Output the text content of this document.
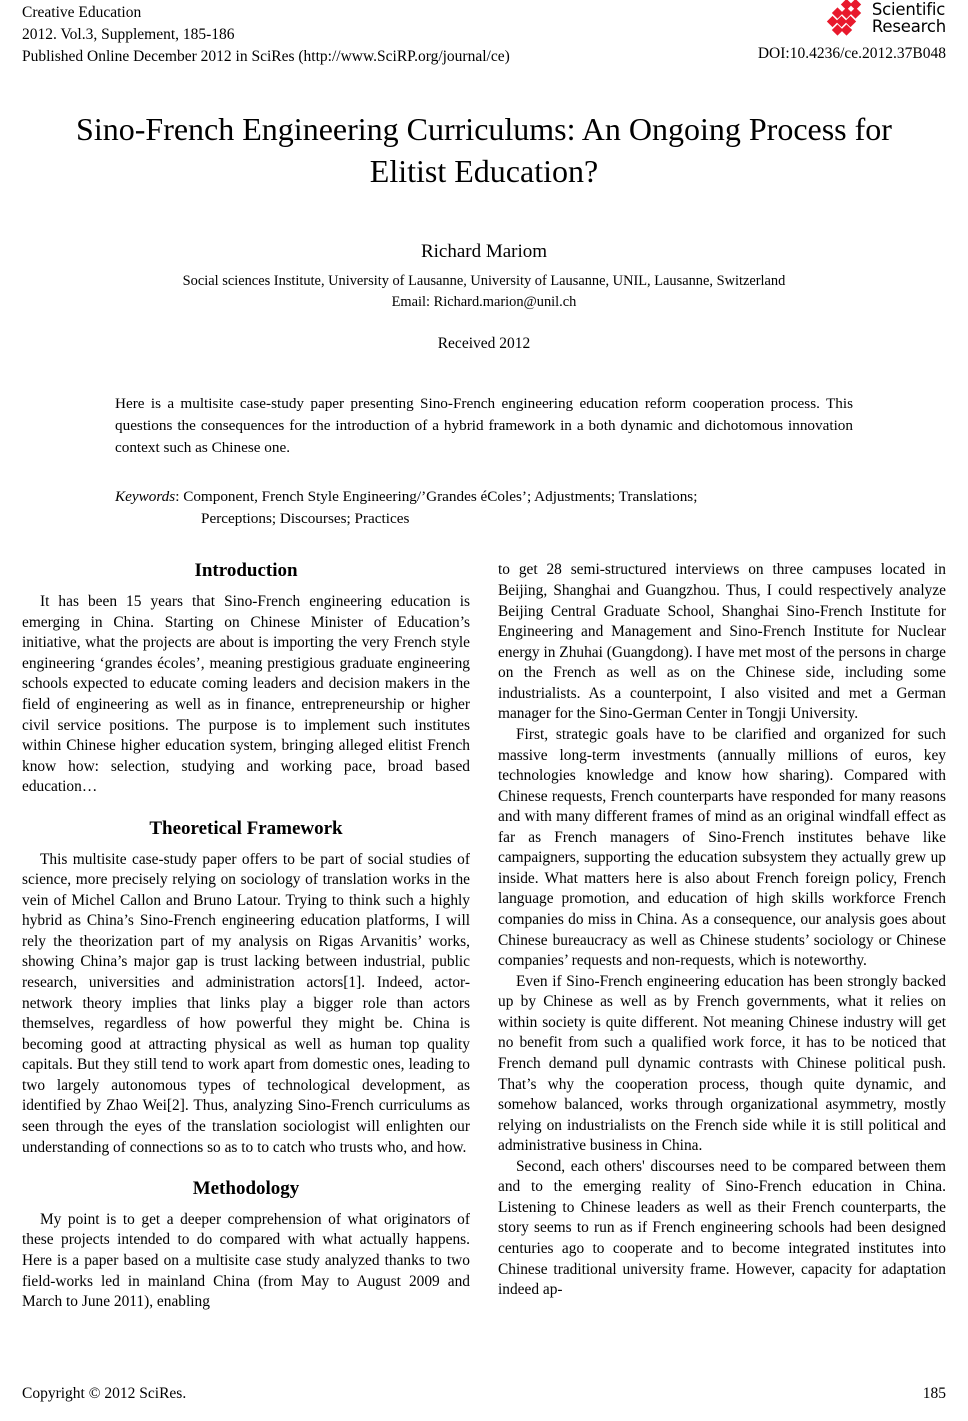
Creative Education
2012. Vol.3, Supplement, 185-186
Published Online December 2012 in SciRes (http://www.SciRP.org/journal/ce)
Scientific
Research
DOI:10.4236/ce.2012.37B048
Sino-French Engineering Curriculums: An Ongoing Process for Elitist Education?
Richard Mariom
Social sciences Institute, University of Lausanne, University of Lausanne, UNIL, Lausanne, Switzerland
Email: Richard.marion@unil.ch
Received 2012
Here is a multisite case-study paper presenting Sino-French engineering education reform cooperation process. This questions the consequences for the introduction of a hybrid framework in a both dynamic and dichotomous innovation context such as Chinese one.
Keywords: Component, French Style Engineering/’Grandes éColes’; Adjustments; Translations;
Perceptions; Discourses; Practices
Introduction

It has been 15 years that Sino-French engineering education is emerging in China. Starting on Chinese Minister of Education’s initiative, what the projects are about is importing the very French style engineering ‘grandes écoles’, meaning prestigious graduate engineering schools expected to educate coming leaders and decision makers in the field of engineering as well as in finance, entrepreneurship or higher civil service positions. The purpose is to implement such institutes within Chinese higher education system, bringing alleged elitist French know how: selection, studying and working pace, broad based education…

Theoretical Framework

This multisite case-study paper offers to be part of social studies of science, more precisely relying on sociology of translation works in the vein of Michel Callon and Bruno Latour. Trying to think such a highly hybrid as China’s Sino-French engineering education platforms, I will rely the theorization part of my analysis on Rigas Arvanitis’ works, showing China’s major gap is trust lacking between industrial, public research, universities and administration actors[1]. Indeed, actor-network theory implies that links play a bigger role than actors themselves, regardless of how powerful they might be. China is becoming good at attracting physical as well as human top quality capitals. But they still tend to work apart from domestic ones, leading to two largely autonomous types of technological development, as identified by Zhao Wei[2]. Thus, analyzing Sino-French curriculums as seen through the eyes of the translation sociologist will enlighten our understanding of connections so as to to catch who trusts who, and how.

Methodology

My point is to get a deeper comprehension of what originators of these projects intended to do compared with what actually happens. Here is a paper based on a multisite case study analyzed thanks to two field-works led in mainland China (from May to August 2009 and March to June 2011), enabling

to get 28 semi-structured interviews on three campuses located in Beijing, Shanghai and Guangzhou. Thus, I could respectively analyze Beijing Central Graduate School, Shanghai Sino-French Institute for Engineering and Management and Sino-French Institute for Nuclear energy in Zhuhai (Guangdong). I have met most of the persons in charge on the French as well as on the Chinese side, including some industrialists. As a counterpoint, I also visited and met a German manager for the Sino-German Center in Tongji University.

First, strategic goals have to be clarified and organized for such massive long-term investments (annually millions of euros, key technologies knowledge and know how sharing). Compared with Chinese requests, French counterparts have responded for many reasons and with many different frames of mind as an original windfall effect as far as French managers of Sino-French institutes behave like campaigners, supporting the education subsystem they actually grew up inside. What matters here is also about French foreign policy, French language promotion, and education of high skills workforce French companies do miss in China. As a consequence, our analysis goes about Chinese bureaucracy as well as Chinese students’ sociology or Chinese companies’ requests and non-requests, which is noteworthy.

Even if Sino-French engineering education has been strongly backed up by Chinese as well as by French governments, what it relies on within society is quite different. Not meaning Chinese industry will get no benefit from such a qualified work force, it has to be noticed that French demand pull dynamic contrasts with Chinese political push. That’s why the cooperation process, though quite dynamic, and somehow balanced, works through organizational asymmetry, mostly relying on industrialists on the French side while it is still political and administrative business in China.

Second, each others' discourses need to be compared between them and to the emerging reality of Sino-French education in China. Listening to Chinese leaders as well as their French counterparts, the story seems to run as if French engineering schools had been designed centuries ago to cooperate and to become integrated institutes into Chinese traditional university frame. However, capacity for adaptation indeed ap-

Copyright © 2012 SciRes.	185
